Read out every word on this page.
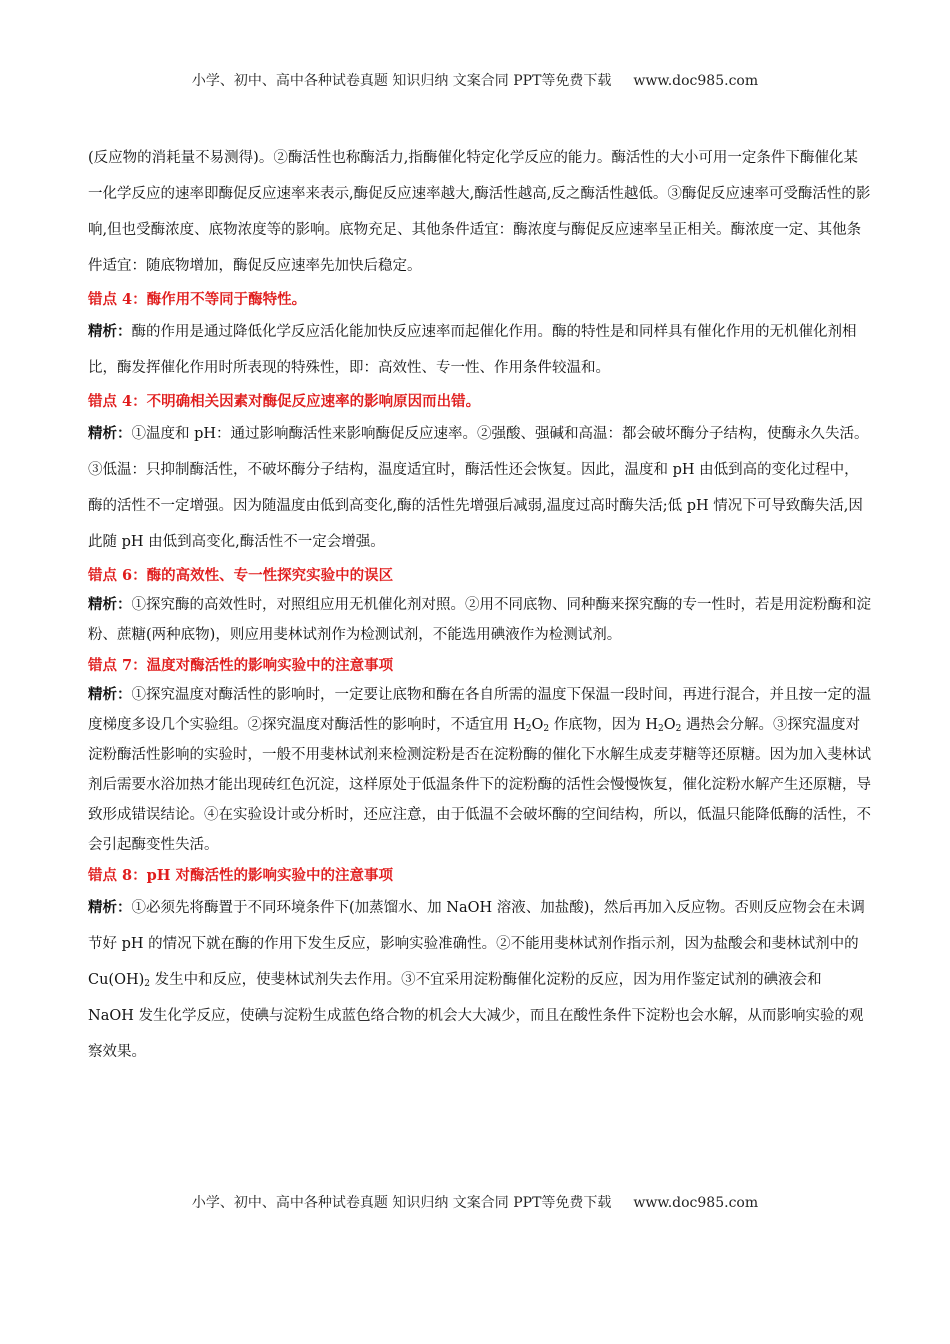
小学、初中、高中各种试卷真题 知识归纳 文案合同 PPT等免费下载 www.doc985.com
(反应物的消耗量不易测得)。②酶活性也称酶活力,指酶催化特定化学反应的能力。酶活性的大小可用一定条件下酶催化某一化学反应的速率即酶促反应速率来表示,酶促反应速率越大,酶活性越高,反之酶活性越低。③酶促反应速率可受酶活性的影响,但也受酶浓度、底物浓度等的影响。底物充足、其他条件适宜：酶浓度与酶促反应速率呈正相关。酶浓度一定、其他条件适宜：随底物增加，酶促反应速率先加快后稳定。
错点 4：酶作用不等同于酶特性。
精析：酶的作用是通过降低化学反应活化能加快反应速率而起催化作用。酶的特性是和同样具有催化作用的无机催化剂相比，酶发挥催化作用时所表现的特殊性，即：高效性、专一性、作用条件较温和。
错点 4：不明确相关因素对酶促反应速率的影响原因而出错。
精析：①温度和 pH：通过影响酶活性来影响酶促反应速率。②强酸、强碱和高温：都会破坏酶分子结构，使酶永久失活。③低温：只抑制酶活性，不破坏酶分子结构，温度适宜时，酶活性还会恢复。因此，温度和 pH 由低到高的变化过程中，酶的活性不一定增强。因为随温度由低到高变化,酶的活性先增强后减弱,温度过高时酶失活;低 pH 情况下可导致酶失活,因此随 pH 由低到高变化,酶活性不一定会增强。
错点 6：酶的高效性、专一性探究实验中的误区
精析：①探究酶的高效性时，对照组应用无机催化剂对照。②用不同底物、同种酶来探究酶的专一性时，若是用淀粉酶和淀粉、蔗糖(两种底物)，则应用斐林试剂作为检测试剂，不能选用碘液作为检测试剂。
错点 7：温度对酶活性的影响实验中的注意事项
精析：①探究温度对酶活性的影响时，一定要让底物和酶在各自所需的温度下保温一段时间，再进行混合，并且按一定的温度梯度多设几个实验组。②探究温度对酶活性的影响时，不适宜用 $H_2O_2$ 作底物，因为 $H_2O_2$ 遇热会分解。③探究温度对淀粉酶活性影响的实验时，一般不用斐林试剂来检测淀粉是否在淀粉酶的催化下水解生成麦芽糖等还原糖。因为加入斐林试剂后需要水浴加热才能出现砖红色沉淀，这样原处于低温条件下的淀粉酶的活性会慢慢恢复，催化淀粉水解产生还原糖，导致形成错误结论。④在实验设计或分析时，还应注意，由于低温不会破坏酶的空间结构，所以，低温只能降低酶的活性，不会引起酶变性失活。
错点 8：pH 对酶活性的影响实验中的注意事项
精析：①必须先将酶置于不同环境条件下(加蒸馏水、加 NaOH 溶液、加盐酸)，然后再加入反应物。否则反应物会在未调节好 pH 的情况下就在酶的作用下发生反应，影响实验准确性。②不能用斐林试剂作指示剂，因为盐酸会和斐林试剂中的 $Cu(OH)_2$ 发生中和反应，使斐林试剂失去作用。③不宜采用淀粉酶催化淀粉的反应，因为用作鉴定试剂的碘液会和 NaOH 发生化学反应，使碘与淀粉生成蓝色络合物的机会大大减少，而且在酸性条件下淀粉也会水解，从而影响实验的观察效果。
小学、初中、高中各种试卷真题 知识归纳 文案合同 PPT等免费下载 www.doc985.com
